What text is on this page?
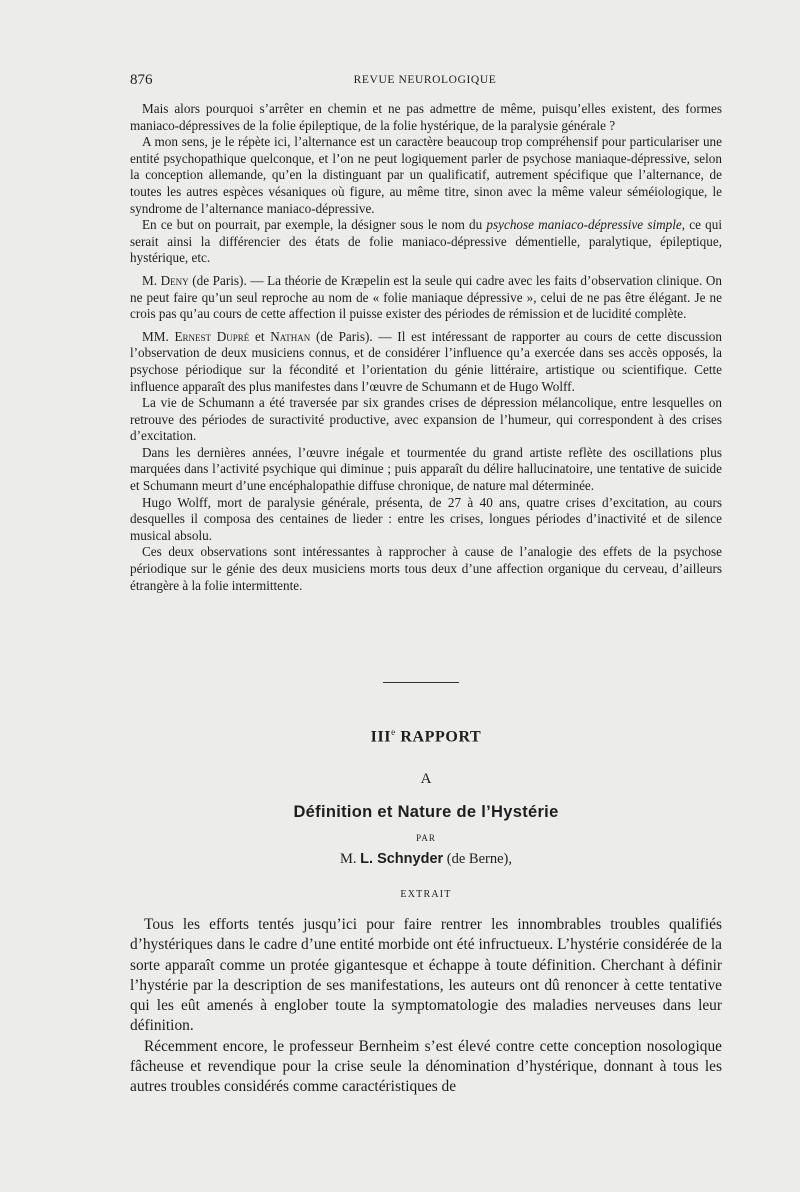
876	REVUE NEUROLOGIQUE

Mais alors pourquoi s’arrêter en chemin et ne pas admettre de même, puisqu’elles existent, des formes maniaco-dépressives de la folie épileptique, de la folie hystérique, de la paralysie générale ?

A mon sens, je le répète ici, l’alternance est un caractère beaucoup trop compréhensif pour particulariser une entité psychopathique quelconque, et l’on ne peut logiquement parler de psychose maniaque-dépressive, selon la conception allemande, qu’en la distinguant par un qualificatif, autrement spécifique que l’alternance, de toutes les autres espèces vésaniques où figure, au même titre, sinon avec la même valeur séméiologique, le syndrome de l’alternance maniaco-dépressive.

En ce but on pourrait, par exemple, la désigner sous le nom du psychose maniaco-dépressive simple, ce qui serait ainsi la différencier des états de folie maniaco-dépressive démentielle, paralytique, épileptique, hystérique, etc.

M. Deny (de Paris). — La théorie de Kræpelin est la seule qui cadre avec les faits d’observation clinique. On ne peut faire qu’un seul reproche au nom de « folie maniaque dépressive », celui de ne pas être élégant. Je ne crois pas qu’au cours de cette affection il puisse exister des périodes de rémission et de lucidité complète.

MM. Ernest Dupré et Nathan (de Paris). — Il est intéressant de rapporter au cours de cette discussion l’observation de deux musiciens connus, et de considérer l’influence qu’a exercée dans ses accès opposés, la psychose périodique sur la fécondité et l’orientation du génie littéraire, artistique ou scientifique. Cette influence apparaît des plus manifestes dans l’œuvre de Schumann et de Hugo Wolff.

La vie de Schumann a été traversée par six grandes crises de dépression mélancolique, entre lesquelles on retrouve des périodes de suractivité productive, avec expansion de l’humeur, qui correspondent à des crises d’excitation.

Dans les dernières années, l’œuvre inégale et tourmentée du grand artiste reflète des oscillations plus marquées dans l’activité psychique qui diminue ; puis apparaît du délire hallucinatoire, une tentative de suicide et Schumann meurt d’une encéphalopathie diffuse chronique, de nature mal déterminée.

Hugo Wolff, mort de paralysie générale, présenta, de 27 à 40 ans, quatre crises d’excitation, au cours desquelles il composa des centaines de lieder : entre les crises, longues périodes d’inactivité et de silence musical absolu.

Ces deux observations sont intéressantes à rapprocher à cause de l’analogie des effets de la psychose périodique sur le génie des deux musiciens morts tous deux d’une affection organique du cerveau, d’ailleurs étrangère à la folie intermittente.

IIIe RAPPORT
A
Définition et Nature de l’Hystérie
PAR
M. L. Schnyder (de Berne),
EXTRAIT

Tous les efforts tentés jusqu’ici pour faire rentrer les innombrables troubles qualifiés d’hystériques dans le cadre d’une entité morbide ont été infructueux. L’hystérie considérée de la sorte apparaît comme un protée gigantesque et échappe à toute définition. Cherchant à définir l’hystérie par la description de ses manifestations, les auteurs ont dû renoncer à cette tentative qui les eût amenés à englober toute la symptomatologie des maladies nerveuses dans leur définition.

Récemment encore, le professeur Bernheim s’est élevé contre cette conception nosologique fâcheuse et revendique pour la crise seule la dénomination d’hystérique, donnant à tous les autres troubles considérés comme caractéristiques de
